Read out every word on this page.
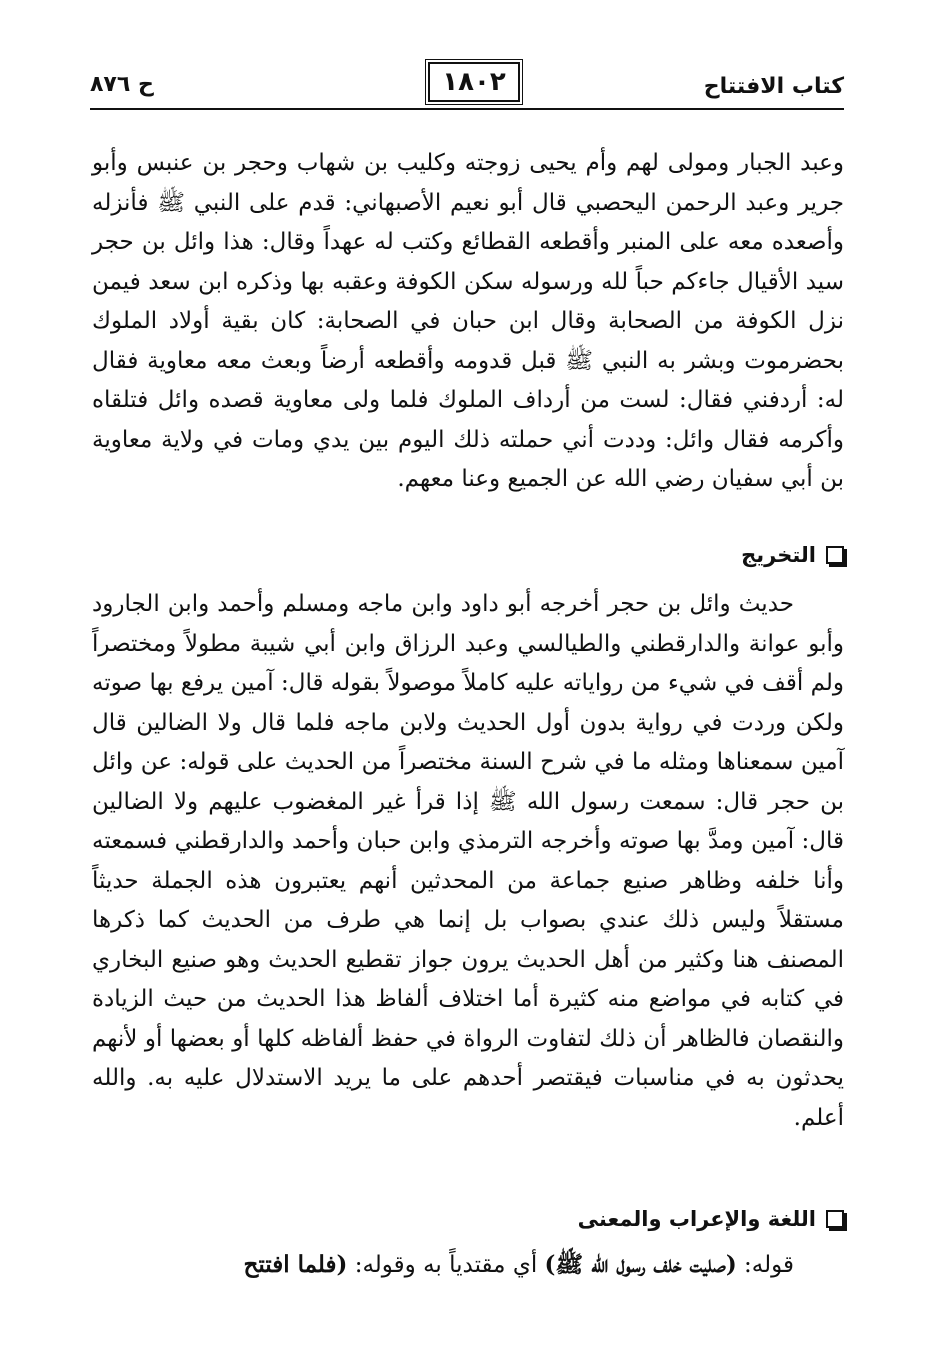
كتاب الافتتاح
١٨٠٢
ح ٨٧٦

وعبد الجبار ومولى لهم وأم يحيى زوجته وكليب بن شهاب وحجر بن عنبس وأبو جرير وعبد الرحمن اليحصبي قال أبو نعيم الأصبهاني: قدم على النبي ﷺ فأنزله وأصعده معه على المنبر وأقطعه القطائع وكتب له عهداً وقال: هذا وائل بن حجر سيد الأقيال جاءكم حباً لله ورسوله سكن الكوفة وعقبه بها وذكره ابن سعد فيمن نزل الكوفة من الصحابة وقال ابن حبان في الصحابة: كان بقية أولاد الملوك بحضرموت وبشر به النبي ﷺ قبل قدومه وأقطعه أرضاً وبعث معه معاوية فقال له: أردفني فقال: لست من أرداف الملوك فلما ولى معاوية قصده وائل فتلقاه وأكرمه فقال وائل: وددت أني حملته ذلك اليوم بين يدي ومات في ولاية معاوية بن أبي سفيان رضي الله عن الجميع وعنا معهم.

التخريج

حديث وائل بن حجر أخرجه أبو داود وابن ماجه ومسلم وأحمد وابن الجارود وأبو عوانة والدارقطني والطيالسي وعبد الرزاق وابن أبي شيبة مطولاً ومختصراً ولم أقف في شيء من رواياته عليه كاملاً موصولاً بقوله قال: آمين يرفع بها صوته ولكن وردت في رواية بدون أول الحديث ولابن ماجه فلما قال ولا الضالين قال آمين سمعناها ومثله ما في شرح السنة مختصراً من الحديث على قوله: عن وائل بن حجر قال: سمعت رسول الله ﷺ إذا قرأ غير المغضوب عليهم ولا الضالين قال: آمين ومدَّ بها صوته وأخرجه الترمذي وابن حبان وأحمد والدارقطني فسمعته وأنا خلفه وظاهر صنيع جماعة من المحدثين أنهم يعتبرون هذه الجملة حديثاً مستقلاً وليس ذلك عندي بصواب بل إنما هي طرف من الحديث كما ذكرها المصنف هنا وكثير من أهل الحديث يرون جواز تقطيع الحديث وهو صنيع البخاري في كتابه في مواضع منه كثيرة أما اختلاف ألفاظ هذا الحديث من حيث الزيادة والنقصان فالظاهر أن ذلك لتفاوت الرواة في حفظ ألفاظه كلها أو بعضها أو لأنهم يحدثون به في مناسبات فيقتصر أحدهم على ما يريد الاستدلال عليه به. والله أعلم.

اللغة والإعراب والمعنى

قوله: (صليت خلف رسول الله ﷺ) أي مقتدياً به وقوله: (فلما افتتح
